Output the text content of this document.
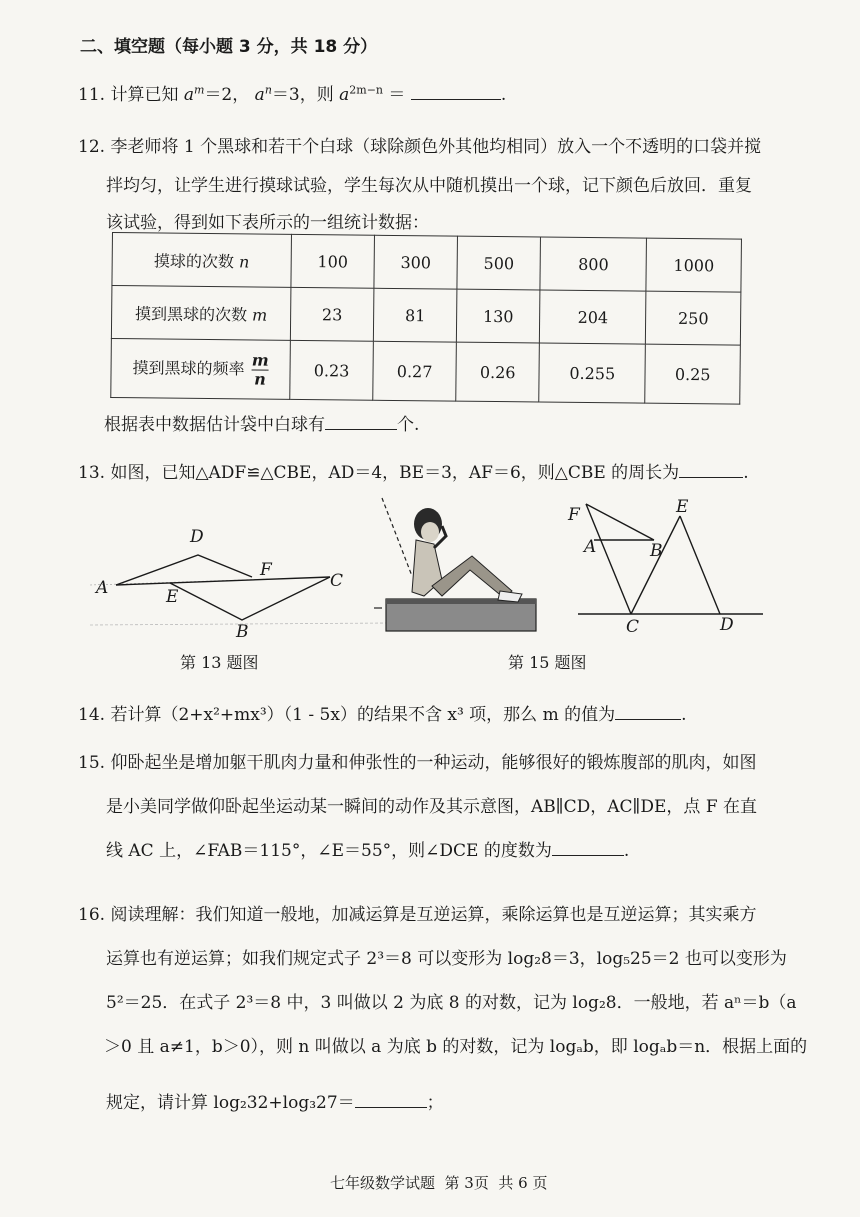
二、填空题（每小题 3 分，共 18 分）
11. 计算已知 $a^m=2$， $a^n=3$，则 $a^{2m-n}$ ＝	.
12. 李老师将 1 个黑球和若干个白球（球除颜色外其他均相同）放入一个不透明的口袋并搅
拌均匀，让学生进行摸球试验，学生每次从中随机摸出一个球，记下颜色后放回．重复
该试验，得到如下表所示的一组统计数据：
摸球的次数 n	100	300	500	800	1000
摸到黑球的次数 m	23	81	130	204	250
摸到黑球的频率 $\frac{m}{n}$	0.23	0.27	0.26	0.255	0.25
根据表中数据估计袋中白球有	个.
13. 如图，已知△ADF≌△CBE，AD＝4，BE＝3，AF＝6，则△CBE 的周长为	.
A
D
E
F
C
B
F
A	B
E
C	D
第 13 题图	第 15 题图
14. 若计算（2+x²+mx³）（1 - 5x）的结果不含 x³ 项，那么 m 的值为	.
15. 仰卧起坐是增加躯干肌肉力量和伸张性的一种运动，能够很好的锻炼腹部的肌肉，如图
是小美同学做仰卧起坐运动某一瞬间的动作及其示意图，AB∥CD，AC∥DE，点 F 在直
线 AC 上，∠FAB＝115°，∠E＝55°，则∠DCE 的度数为	.
16. 阅读理解：我们知道一般地，加减运算是互逆运算，乘除运算也是互逆运算；其实乘方
运算也有逆运算；如我们规定式子 2³＝8 可以变形为 log₂8＝3，log₅25＝2 也可以变形为
5²＝25．在式子 2³＝8 中，3 叫做以 2 为底 8 的对数，记为 log₂8．一般地，若 aⁿ＝b（a
＞0 且 a≠1，b＞0），则 n 叫做以 a 为底 b 的对数，记为 logₐb，即 logₐb＝n．根据上面的
规定，请计算 log₂32+log₃27＝	；
七年级数学试题  第 3页  共 6 页
